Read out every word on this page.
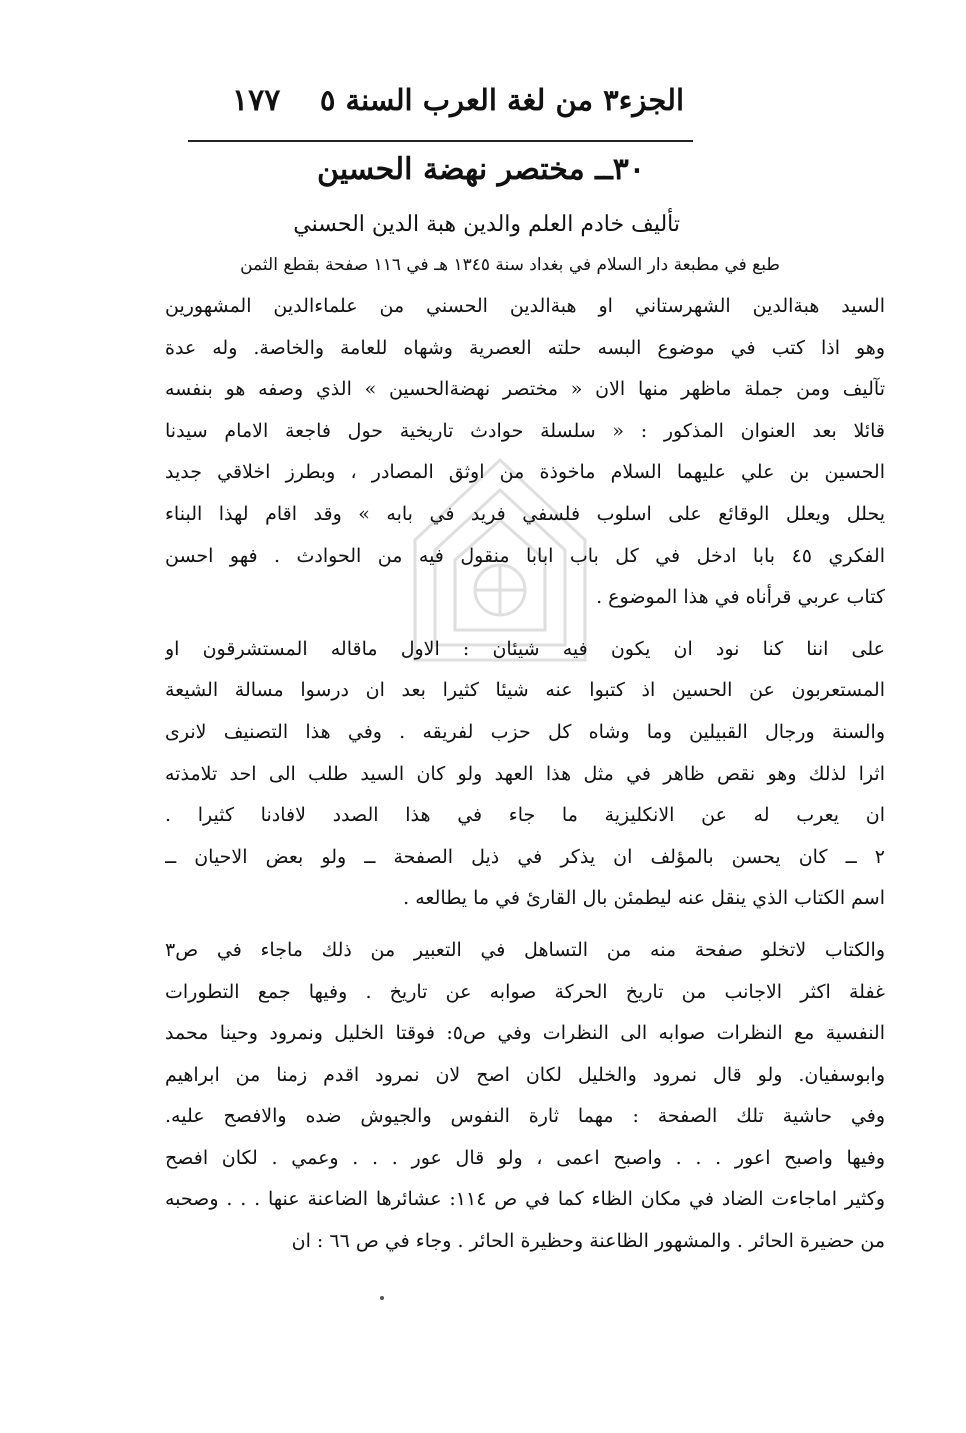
الجزء٣ من لغة العرب السنة ٥
١٧٧
٣٠ــ مختصر نهضة الحسين
تأليف خادم العلم والدين هبة الدين الحسني
طبع في مطبعة دار السلام في بغداد سنة ١٣٤٥ هـ في ١١٦ صفحة بقطع الثمن

السيد هبةالدين الشهرستاني او هبةالدين الحسني من علماءالدين المشهورين
وهو اذا كتب في موضوع البسه حلته العصرية وشهاه للعامة والخاصة. وله عدة
تآليف ومن جملة ماظهر منها الان « مختصر نهضةالحسين » الذي وصفه هو بنفسه
قائلا بعد العنوان المذكور : « سلسلة حوادث تاريخية حول فاجعة الامام سيدنا
الحسين بن علي عليهما السلام ماخوذة من اوثق المصادر ، وبطرز اخلاقي جديد
يحلل ويعلل الوقائع على اسلوب فلسفي فريد في بابه » وقد اقام لهذا البناء
الفكري ٤٥ بابا ادخل في كل باب ابابا منقول فيه من الحوادث . فهو احسن
كتاب عربي قرأناه في هذا الموضوع .

على اننا كنا نود ان يكون فيه شيئان : الاول ماقاله المستشرقون او
المستعربون عن الحسين اذ كتبوا عنه شيئا كثيرا بعد ان درسوا مسالة الشيعة
والسنة ورجال القبيلين وما وشاه كل حزب لفريقه . وفي هذا التصنيف لانرى
اثرا لذلك وهو نقص ظاهر في مثل هذا العهد ولو كان السيد طلب الى احد تلامذته
ان يعرب له عن الانكليزية ما جاء في هذا الصدد لافادنا كثيرا .
٢ ــ كان يحسن بالمؤلف ان يذكر في ذيل الصفحة ــ ولو بعض الاحيان ــ
اسم الكتاب الذي ينقل عنه ليطمئن بال القارئ في ما يطالعه .

والكتاب لاتخلو صفحة منه من التساهل في التعبير من ذلك ماجاء في ص٣
غفلة اكثر الاجانب من تاريخ الحركة صوابه عن تاريخ . وفيها جمع التطورات
النفسية مع النظرات صوابه الى النظرات وفي ص٥: فوقتا الخليل ونمرود وحينا محمد
وابوسفيان. ولو قال نمرود والخليل لكان اصح لان نمرود اقدم زمنا من ابراهيم
وفي حاشية تلك الصفحة : مهما ثارة النفوس والجيوش ضده والافصح عليه.
وفيها واصبح اعور . . . واصبح اعمى ، ولو قال عور . . . وعمي . لكان افصح
وكثير اماجاءت الضاد في مكان الظاء كما في ص ١١٤: عشائرها الضاعنة عنها . . . وصحبه
من حضيرة الحائر . والمشهور الظاعنة وحظيرة الحائر . وجاء في ص ٦٦ : ان
